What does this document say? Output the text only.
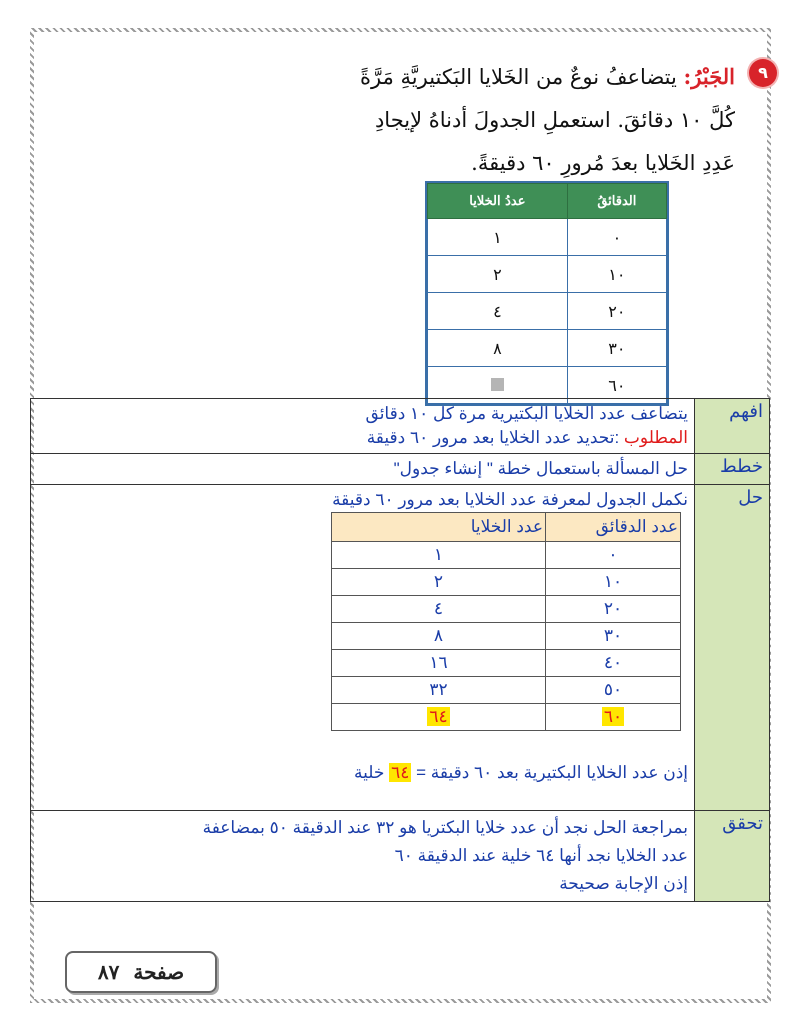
٩

الجَبْرُ: يتضاعفُ نوعٌ من الخَلايا البَكتيريَّةِ مَرَّةً

كُلَّ ١٠ دقائقَ. استعملِ الجدولَ أدناهُ لإيجادِ

عَدِدِ الخَلايا بعدَ مُرورِ ٦٠ دقيقةً.

الدقائقُ	عددُ الخلايا
٠	١
١٠	٢
٢٠	٤
٣٠	٨
٦٠	
افهم	
يتضاعف عدد الخلايا البكتيرية مرة كل ١٠ دقائق
المطلوب :تحديد عدد الخلايا بعد مرور ٦٠ دقيقة

خطط	حل المسألة باستعمال خطة " إنشاء جدول"
حل	
نكمل الجدول لمعرفة عدد الخلايا بعد مرور ٦٠ دقيقة
عدد الدقائق	عدد الخلايا
٠	١
١٠	٢
٢٠	٤
٣٠	٨
٤٠	١٦
٥٠	٣٢
٦٠	٦٤
إذن عدد الخلايا البكتيرية بعد ٦٠ دقيقة = ٦٤ خلية

تحقق	
بمراجعة الحل نجد أن عدد خلايا البكتريا هو ٣٢ عند الدقيقة ٥٠ بمضاعفة
عدد الخلايا نجد أنها ٦٤ خلية عند الدقيقة ٦٠
إذن الإجابة صحيحة
صفحة

٨٧
